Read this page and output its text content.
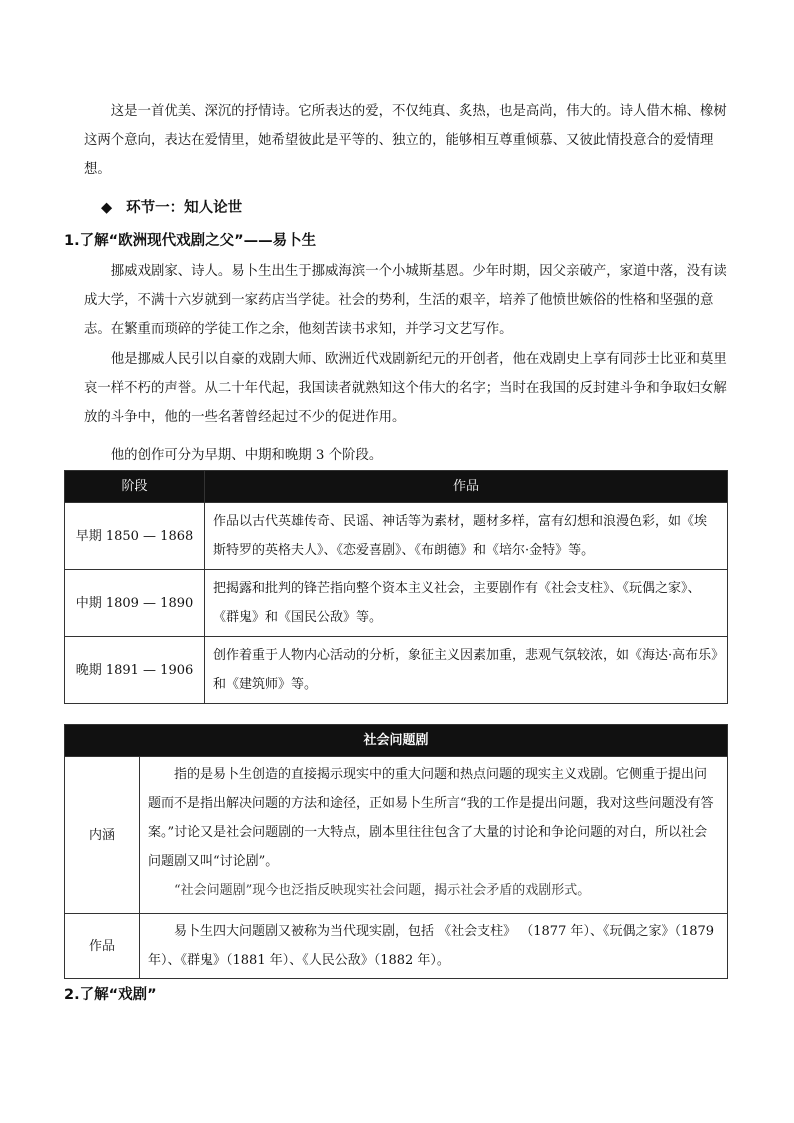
这是一首优美、深沉的抒情诗。它所表达的爱，不仅纯真、炙热，也是高尚，伟大的。诗人借木棉、橡树这两个意向，表达在爱情里，她希望彼此是平等的、独立的，能够相互尊重倾慕、又彼此情投意合的爱情理想。

◆ 环节一：知人论世

1.了解“欧洲现代戏剧之父”——易卜生

挪威戏剧家、诗人。易卜生出生于挪威海滨一个小城斯基恩。少年时期，因父亲破产，家道中落，没有读成大学，不满十六岁就到一家药店当学徒。社会的势利，生活的艰辛，培养了他愤世嫉俗的性格和坚强的意志。在繁重而琐碎的学徒工作之余，他刻苦读书求知，并学习文艺写作。

他是挪威人民引以自豪的戏剧大师、欧洲近代戏剧新纪元的开创者，他在戏剧史上享有同莎士比亚和莫里哀一样不朽的声誉。从二十年代起，我国读者就熟知这个伟大的名字；当时在我国的反封建斗争和争取妇女解放的斗争中，他的一些名著曾经起过不少的促进作用。

他的创作可分为早期、中期和晚期 3 个阶段。

阶段	作品
早期 1850 — 1868	作品以古代英雄传奇、民谣、神话等为素材，题材多样，富有幻想和浪漫色彩，如《埃斯特罗的英格夫人》、《恋爱喜剧》、《布朗德》和《培尔·金特》等。
中期 1809 — 1890	把揭露和批判的锋芒指向整个资本主义社会，主要剧作有《社会支柱》、《玩偶之家》、《群鬼》和《国民公敌》等。
晚期 1891 — 1906	创作着重于人物内心活动的分析，象征主义因素加重，悲观气氛较浓，如《海达·高布乐》和《建筑师》等。
社会问题剧	
内涵	指的是易卜生创造的直接揭示现实中的重大问题和热点问题的现实主义戏剧。它侧重于提出问题而不是指出解决问题的方法和途径，正如易卜生所言“我的工作是提出问题，我对这些问题没有答案。”讨论又是社会问题剧的一大特点，剧本里往往包含了大量的讨论和争论问题的对白，所以社会问题剧又叫“讨论剧”。

“社会问题剧”现今也泛指反映现实社会问题，揭示社会矛盾的戏剧形式。

作品	易卜生四大问题剧又被称为当代现实剧，包括 《社会支柱》 （1877 年）、《玩偶之家》（1879 年）、《群鬼》（1881 年）、《人民公敌》（1882 年）。

2.了解“戏剧”
